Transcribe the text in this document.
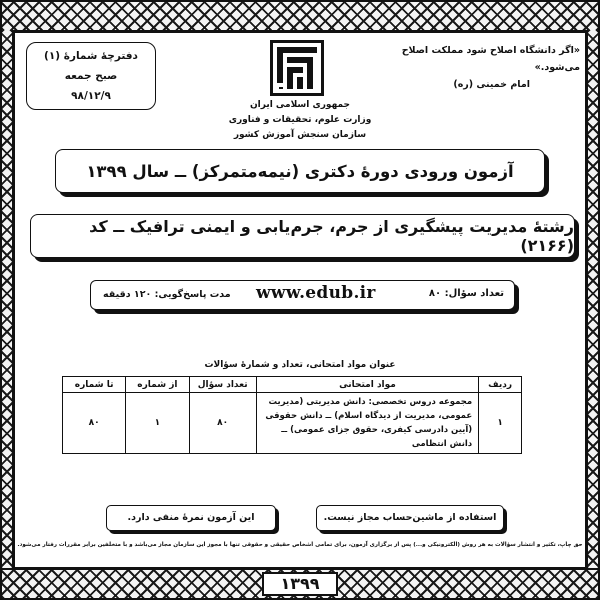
«اگر دانشگاه اصلاح شود مملکت اصلاح می‌شود.»
امام خمینی (ره)
جمهوری اسلامی ایران
وزارت علوم، تحقیقات و فناوری
سازمان سنجش آموزش کشور
دفترچهٔ شمارهٔ (۱)
صبح جمعه
۹۸/۱۲/۹
آزمون ورودی دورهٔ دکتری (نیمه‌متمرکز) ــ سال ۱۳۹۹
رشتهٔ مدیریت پیشگیری از جرم، جرم‌یابی و ایمنی ترافیک ــ کد (۲۱۶۶)
تعداد سؤال: ۸۰
www.edub.ir
مدت پاسخ‌گویی: ۱۲۰ دقیقه
عنوان مواد امتحانی، تعداد و شمارهٔ سؤالات
ردیف	مواد امتحانی	تعداد سؤال	از شماره	تا شماره
۱	مجموعه دروس تخصصی: دانش مدیریتی (مدیریت عمومی، مدیریت از دیدگاه اسلام) ــ دانش حقوقی (آیین دادرسی کیفری، حقوق جزای عمومی) ــ دانش انتظامی	۸۰	۱	۸۰
استفاده از ماشین‌حساب مجاز نیست.
این آزمون نمرهٔ منفی دارد.
حق چاپ، تکثیر و انتشار سؤالات به هر روش (الکترونیکی و...) پس از برگزاری آزمون، برای تمامی اشخاص حقیقی و حقوقی تنها با مجوز این سازمان مجاز می‌باشد و با متخلفین برابر مقررات رفتار می‌شود.
۱۳۹۹
